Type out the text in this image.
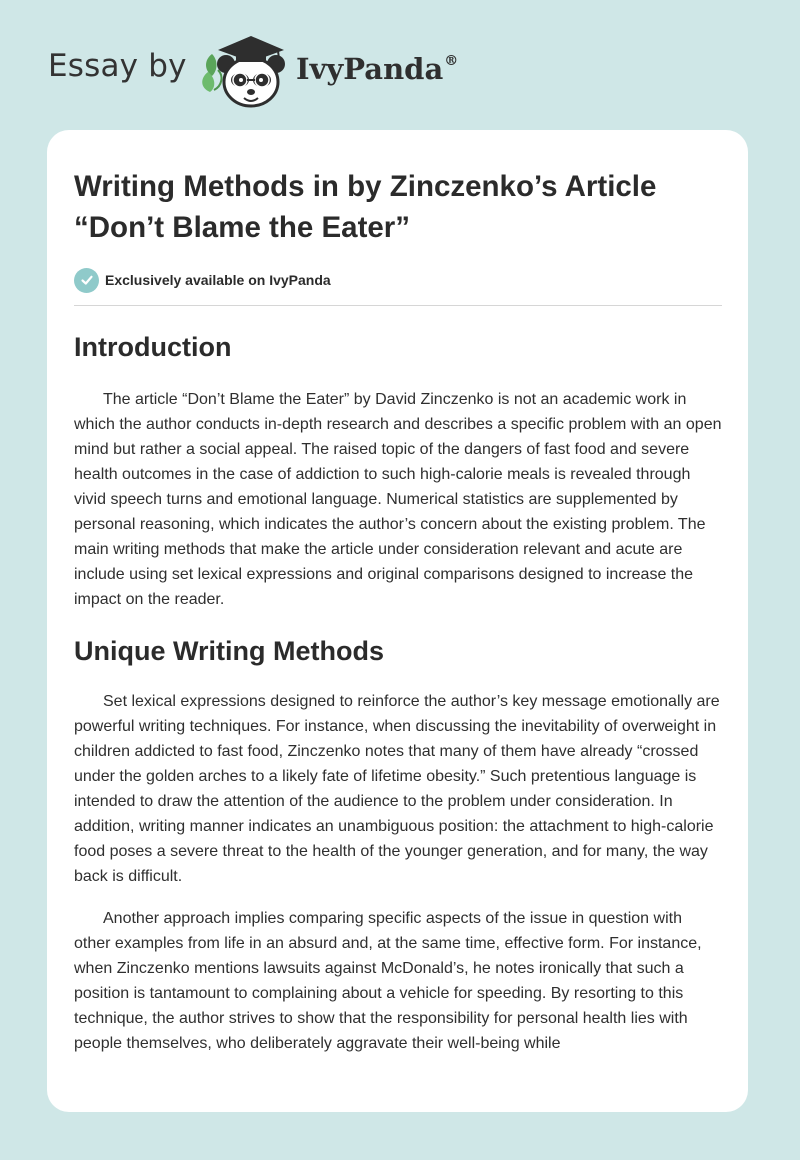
Essay by	IvyPanda®
Writing Methods in by Zinczenko’s Article “Don’t Blame the Eater”
Exclusively available on IvyPanda
Introduction

The article “Don’t Blame the Eater” by David Zinczenko is not an academic work in which the author conducts in-depth research and describes a specific problem with an open mind but rather a social appeal. The raised topic of the dangers of fast food and severe health outcomes in the case of addiction to such high-calorie meals is revealed through vivid speech turns and emotional language. Numerical statistics are supplemented by personal reasoning, which indicates the author’s concern about the existing problem. The main writing methods that make the article under consideration relevant and acute are include using set lexical expressions and original comparisons designed to increase the impact on the reader.

Unique Writing Methods

Set lexical expressions designed to reinforce the author’s key message emotionally are powerful writing techniques. For instance, when discussing the inevitability of overweight in children addicted to fast food, Zinczenko notes that many of them have already “crossed under the golden arches to a likely fate of lifetime obesity.” Such pretentious language is intended to draw the attention of the audience to the problem under consideration. In addition, writing manner indicates an unambiguous position: the attachment to high-calorie food poses a severe threat to the health of the younger generation, and for many, the way back is difficult.

Another approach implies comparing specific aspects of the issue in question with other examples from life in an absurd and, at the same time, effective form. For instance, when Zinczenko mentions lawsuits against McDonald’s, he notes ironically that such a position is tantamount to complaining about a vehicle for speeding. By resorting to this technique, the author strives to show that the responsibility for personal health lies with people themselves, who deliberately aggravate their well-being while
